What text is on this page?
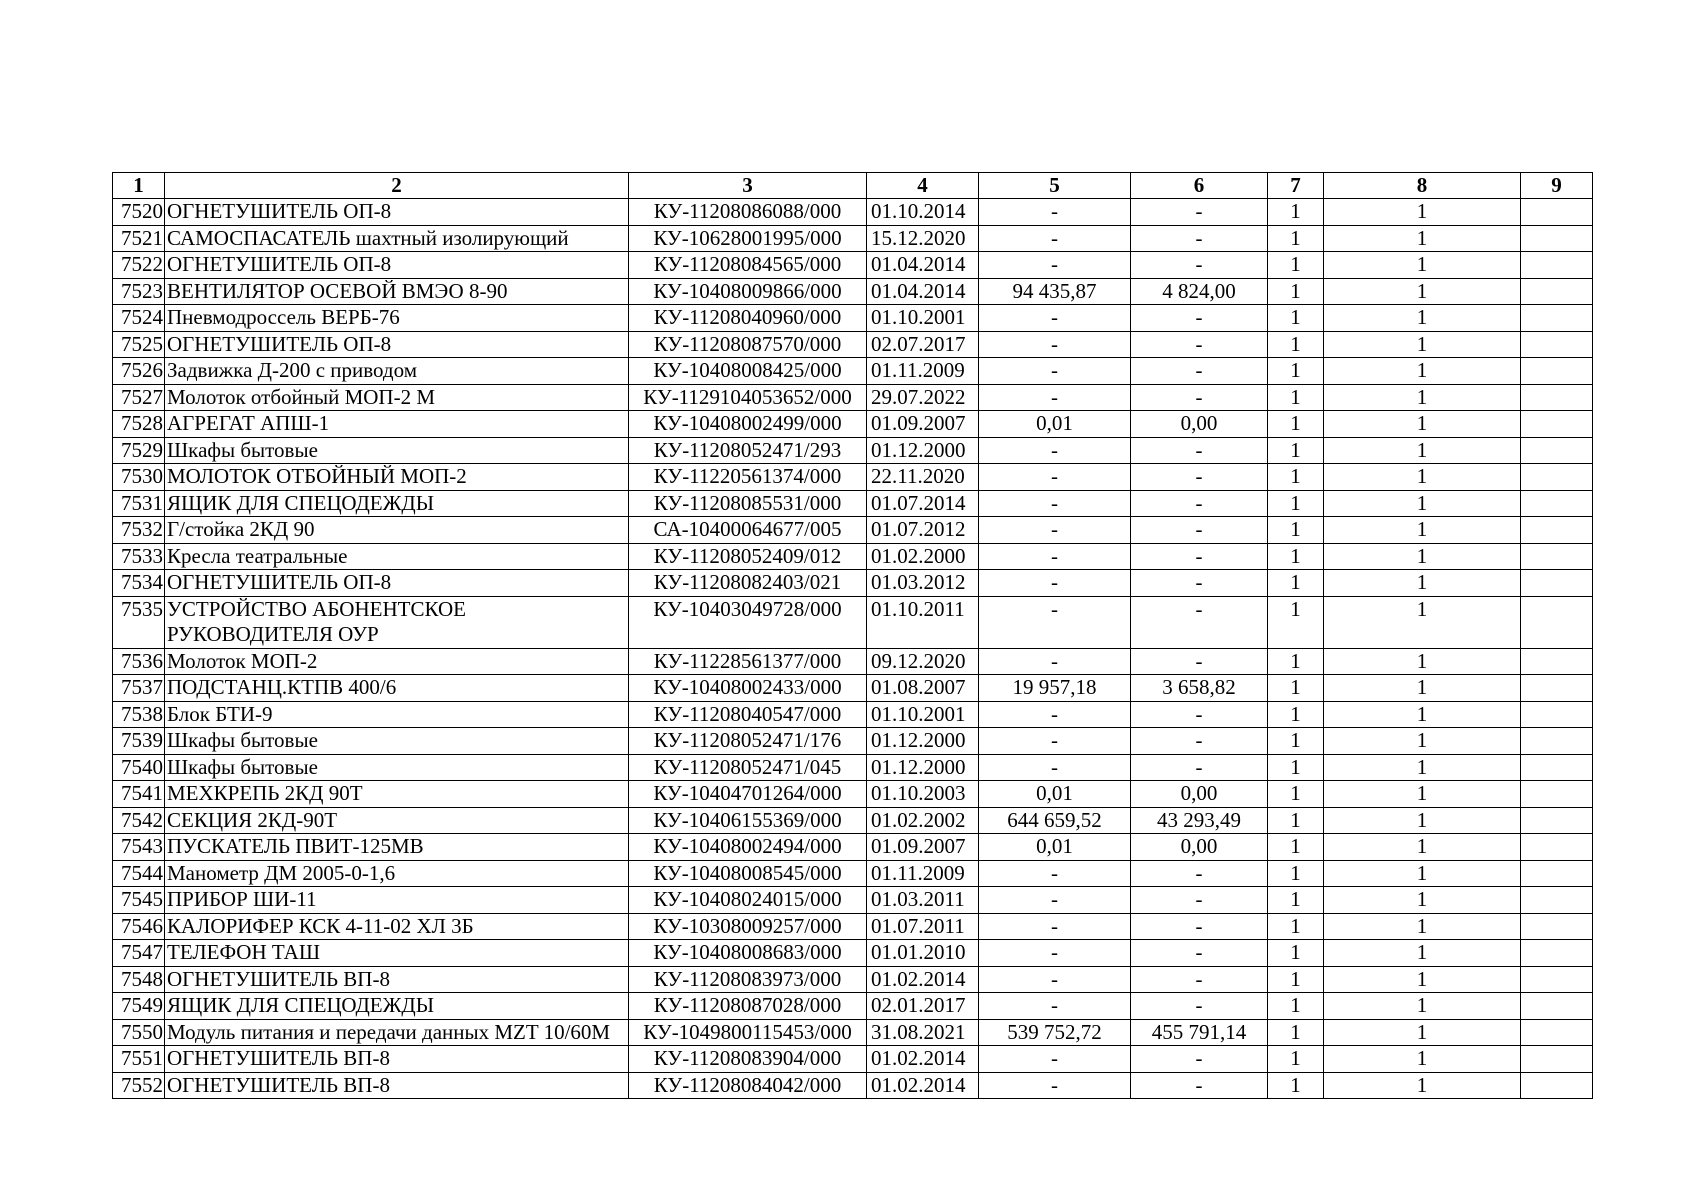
1	2	3	4	5	6	7	8	9
7520	ОГНЕТУШИТЕЛЬ ОП-8	КУ-11208086088/000	01.10.2014	-	-	1	1	
7521	САМОСПАСАТЕЛЬ шахтный изолирующий	КУ-10628001995/000	15.12.2020	-	-	1	1	
7522	ОГНЕТУШИТЕЛЬ ОП-8	КУ-11208084565/000	01.04.2014	-	-	1	1	
7523	ВЕНТИЛЯТОР ОСЕВОЙ ВМЭО 8-90	КУ-10408009866/000	01.04.2014	94 435,87	4 824,00	1	1	
7524	Пневмодроссель ВЕРБ-76	КУ-11208040960/000	01.10.2001	-	-	1	1	
7525	ОГНЕТУШИТЕЛЬ ОП-8	КУ-11208087570/000	02.07.2017	-	-	1	1	
7526	Задвижка Д-200 с приводом	КУ-10408008425/000	01.11.2009	-	-	1	1	
7527	Молоток отбойный МОП-2 М	КУ-1129104053652/000	29.07.2022	-	-	1	1	
7528	АГРЕГАТ АПШ-1	КУ-10408002499/000	01.09.2007	0,01	0,00	1	1	
7529	Шкафы бытовые	КУ-11208052471/293	01.12.2000	-	-	1	1	
7530	МОЛОТОК ОТБОЙНЫЙ МОП-2	КУ-11220561374/000	22.11.2020	-	-	1	1	
7531	ЯЩИК ДЛЯ СПЕЦОДЕЖДЫ	КУ-11208085531/000	01.07.2014	-	-	1	1	
7532	Г/стойка 2КД 90	СА-10400064677/005	01.07.2012	-	-	1	1	
7533	Кресла театральные	КУ-11208052409/012	01.02.2000	-	-	1	1	
7534	ОГНЕТУШИТЕЛЬ ОП-8	КУ-11208082403/021	01.03.2012	-	-	1	1	
7535	УСТРОЙСТВО АБОНЕНТСКОЕ РУКОВОДИТЕЛЯ ОУР	КУ-10403049728/000	01.10.2011	-	-	1	1	
7536	Молоток МОП-2	КУ-11228561377/000	09.12.2020	-	-	1	1	
7537	ПОДСТАНЦ.КТПВ 400/6	КУ-10408002433/000	01.08.2007	19 957,18	3 658,82	1	1	
7538	Блок БТИ-9	КУ-11208040547/000	01.10.2001	-	-	1	1	
7539	Шкафы бытовые	КУ-11208052471/176	01.12.2000	-	-	1	1	
7540	Шкафы бытовые	КУ-11208052471/045	01.12.2000	-	-	1	1	
7541	МЕХКРЕПЬ 2КД 90Т	КУ-10404701264/000	01.10.2003	0,01	0,00	1	1	
7542	СЕКЦИЯ 2КД-90Т	КУ-10406155369/000	01.02.2002	644 659,52	43 293,49	1	1	
7543	ПУСКАТЕЛЬ ПВИТ-125МВ	КУ-10408002494/000	01.09.2007	0,01	0,00	1	1	
7544	Манометр ДМ 2005-0-1,6	КУ-10408008545/000	01.11.2009	-	-	1	1	
7545	ПРИБОР ШИ-11	КУ-10408024015/000	01.03.2011	-	-	1	1	
7546	КАЛОРИФЕР КСК 4-11-02 ХЛ 3Б	КУ-10308009257/000	01.07.2011	-	-	1	1	
7547	ТЕЛЕФОН ТАШ	КУ-10408008683/000	01.01.2010	-	-	1	1	
7548	ОГНЕТУШИТЕЛЬ ВП-8	КУ-11208083973/000	01.02.2014	-	-	1	1	
7549	ЯЩИК ДЛЯ СПЕЦОДЕЖДЫ	КУ-11208087028/000	02.01.2017	-	-	1	1	
7550	Модуль питания и передачи данных MZT 10/60М	КУ-1049800115453/000	31.08.2021	539 752,72	455 791,14	1	1	
7551	ОГНЕТУШИТЕЛЬ ВП-8	КУ-11208083904/000	01.02.2014	-	-	1	1	
7552	ОГНЕТУШИТЕЛЬ ВП-8	КУ-11208084042/000	01.02.2014	-	-	1	1	
